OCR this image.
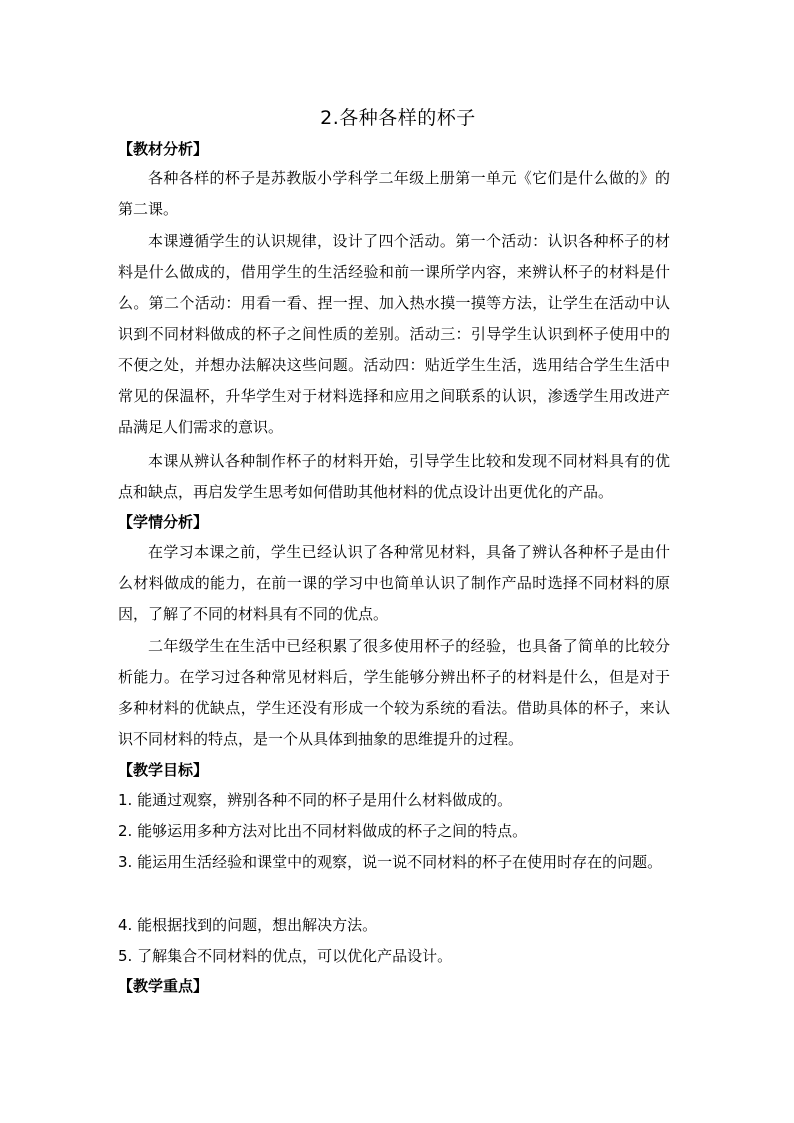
2.各种各样的杯子
【教材分析】
各种各样的杯子是苏教版小学科学二年级上册第一单元《它们是什么做的》的第二课。
本课遵循学生的认识规律，设计了四个活动。第一个活动：认识各种杯子的材料是什么做成的，借用学生的生活经验和前一课所学内容，来辨认杯子的材料是什么。第二个活动：用看一看、捏一捏、加入热水摸一摸等方法，让学生在活动中认识到不同材料做成的杯子之间性质的差别。活动三：引导学生认识到杯子使用中的不便之处，并想办法解决这些问题。活动四：贴近学生生活，选用结合学生生活中常见的保温杯，升华学生对于材料选择和应用之间联系的认识，渗透学生用改进产品满足人们需求的意识。
本课从辨认各种制作杯子的材料开始，引导学生比较和发现不同材料具有的优点和缺点，再启发学生思考如何借助其他材料的优点设计出更优化的产品。
【学情分析】
在学习本课之前，学生已经认识了各种常见材料，具备了辨认各种杯子是由什么材料做成的能力，在前一课的学习中也简单认识了制作产品时选择不同材料的原因，了解了不同的材料具有不同的优点。
二年级学生在生活中已经积累了很多使用杯子的经验，也具备了简单的比较分析能力。在学习过各种常见材料后，学生能够分辨出杯子的材料是什么，但是对于多种材料的优缺点，学生还没有形成一个较为系统的看法。借助具体的杯子，来认识不同材料的特点，是一个从具体到抽象的思维提升的过程。
【教学目标】
1. 能通过观察，辨别各种不同的杯子是用什么材料做成的。
2. 能够运用多种方法对比出不同材料做成的杯子之间的特点。
3. 能运用生活经验和课堂中的观察，说一说不同材料的杯子在使用时存在的问题。
4. 能根据找到的问题，想出解决方法。
5. 了解集合不同材料的优点，可以优化产品设计。
【教学重点】
